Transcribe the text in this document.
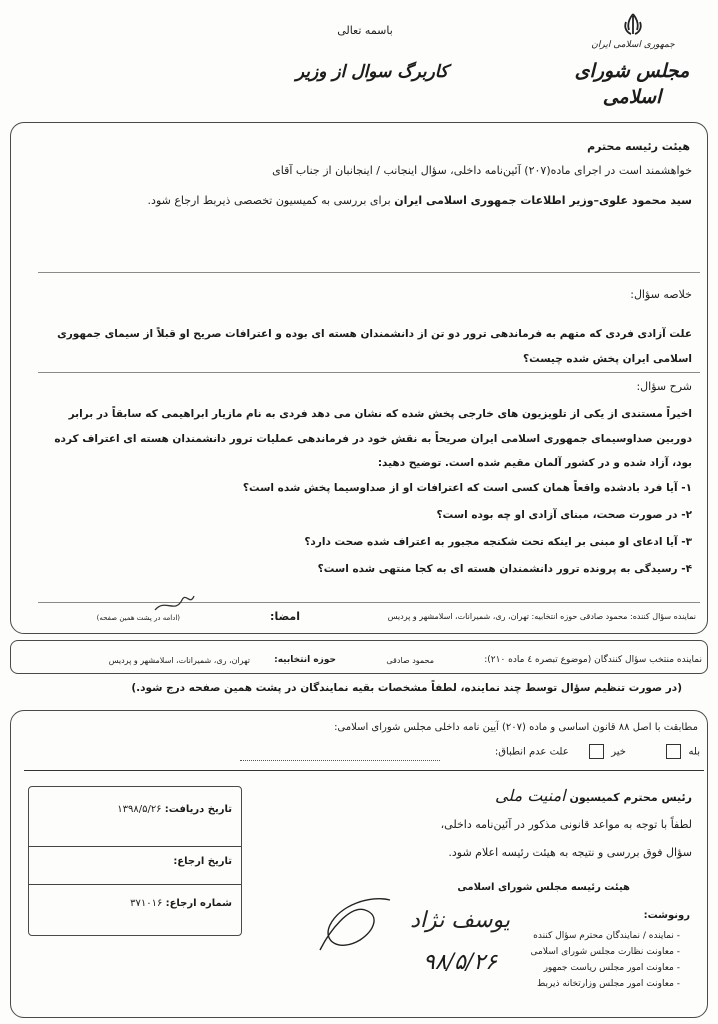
باسمه تعالی
کاربرگ سوال از وزیر
جمهوری اسلامی ایران
مجلس شورای اسلامی
هیئت رئیسه محترم
خواهشمند است در اجرای ماده(۲۰۷) آئین‌نامه داخلی، سؤال اینجانب / اینجانبان از جناب آقای
سید محمود علوی–وزیر اطلاعات جمهوری اسلامی ایران برای بررسی به کمیسیون تخصصی ذیربط ارجاع شود.
خلاصه سؤال:
علت آزادی فردی که متهم به فرماندهی ترور دو تن از دانشمندان هسته ای بوده و اعترافات صریح او قبلاً از سیمای جمهوری اسلامی ایران پخش شده چیست؟
شرح سؤال:
اخیراً مستندی از یکی از تلویزیون های خارجی پخش شده که نشان می دهد فردی به نام مازیار ابراهیمی که سابقاً در برابر دوربین صداوسیمای جمهوری اسلامی ایران صریحاً به نقش خود در فرماندهی عملیات ترور دانشمندان هسته ای اعتراف کرده بود، آزاد شده و در کشور آلمان مقیم شده است. توضیح دهید:
۱- آیا فرد بادشده واقعاً همان کسی است که اعترافات او از صداوسیما پخش شده است؟
۲- در صورت صحت، مبنای آزادی او چه بوده است؟
۳- آیا ادعای او مبنی بر اینکه تحت شکنجه مجبور به اعتراف شده صحت دارد؟
۴- رسیدگی به پرونده ترور دانشمندان هسته ای به کجا منتهی شده است؟
نماینده سؤال کننده: محمود صادقی حوزه انتخابیه: تهران، ری، شمیرانات، اسلامشهر و پردیس
امضا:
(ادامه در پشت همین صفحه)
نماینده منتخب سؤال کنندگان (موضوع تبصره ٤ ماده ٢١٠):
محمود صادقی
حوزه انتخابیه:
تهران، ری، شمیرانات، اسلامشهر و پردیس
(در صورت تنظیم سؤال توسط چند نماینده، لطفاً مشخصات بقیه نمایندگان در پشت همین صفحه درج شود.)
مطابقت با اصل ۸۸ قانون اساسی و ماده (۲۰۷) آیین نامه داخلی مجلس شورای اسلامی:
بله   خیر   علت عدم انطباق:
رئیس محترم کمیسیون امنیت ملی
لطفاً با توجه به مواعد قانونی مذکور در آئین‌نامه داخلی،
سؤال فوق بررسی و نتیجه به هیئت رئیسه اعلام شود.
هیئت رئیسه مجلس شورای اسلامی
یوسف نژاد
۹۸/۵/۲۶
تاریخ دریافت: ۱۳۹۸/۵/۲۶
تاریخ ارجاع:
شماره ارجاع: ۳۷۱۰۱۶
رونوشت:
- نماینده / نمایندگان محترم سؤال کننده
- معاونت نظارت مجلس شورای اسلامی
- معاونت امور مجلس ریاست جمهور
- معاونت امور مجلس وزارتخانه ذیربط
